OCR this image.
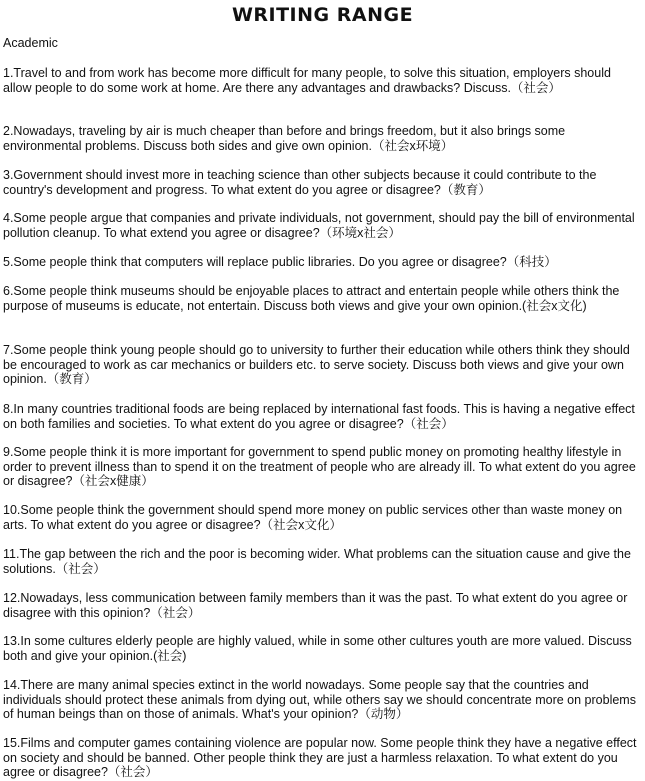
WRITING RANGE
Academic

1.Travel to and from work has become more difficult for many people, to solve this situation, employers should allow people to do some work at home. Are there any advantages and drawbacks? Discuss.（社会）

2.Nowadays, traveling by air is much cheaper than before and brings freedom, but it also brings some environmental problems. Discuss both sides and give own opinion.（社会x环境）

3.Government should invest more in teaching science than other subjects because it could contribute to the country's development and progress. To what extent do you agree or disagree?（教育）

4.Some people argue that companies and private individuals, not government, should pay the bill of environmental pollution cleanup. To what extend you agree or disagree?（环境x社会）

5.Some people think that computers will replace public libraries. Do you agree or disagree?（科技）

6.Some people think museums should be enjoyable places to attract and entertain people while others think the purpose of museums is educate, not entertain. Discuss both views and give your own opinion.(社会x文化)

7.Some people think young people should go to university to further their education while others think they should be encouraged to work as car mechanics or builders etc. to serve society. Discuss both views and give your own opinion.（教育）

8.In many countries traditional foods are being replaced by international fast foods. This is having a negative effect on both families and societies. To what extent do you agree or disagree?（社会）

9.Some people think it is more important for government to spend public money on promoting healthy lifestyle in order to prevent illness than to spend it on the treatment of people who are already ill. To what extent do you agree or disagree?（社会x健康）

10.Some people think the government should spend more money on public services other than waste money on arts. To what extent do you agree or disagree?（社会x文化）

11.The gap between the rich and the poor is becoming wider. What problems can the situation cause and give the solutions.（社会）

12.Nowadays, less communication between family members than it was the past. To what extent do you agree or disagree with this opinion?（社会）

13.In some cultures elderly people are highly valued, while in some other cultures youth are more valued. Discuss both and give your opinion.(社会)

14.There are many animal species extinct in the world nowadays. Some people say that the countries and individuals should protect these animals from dying out, while others say we should concentrate more on problems of human beings than on those of animals. What's your opinion?（动物）

15.Films and computer games containing violence are popular now. Some people think they have a negative effect on society and should be banned. Other people think they are just a harmless relaxation. To what extent do you agree or disagree?（社会）
